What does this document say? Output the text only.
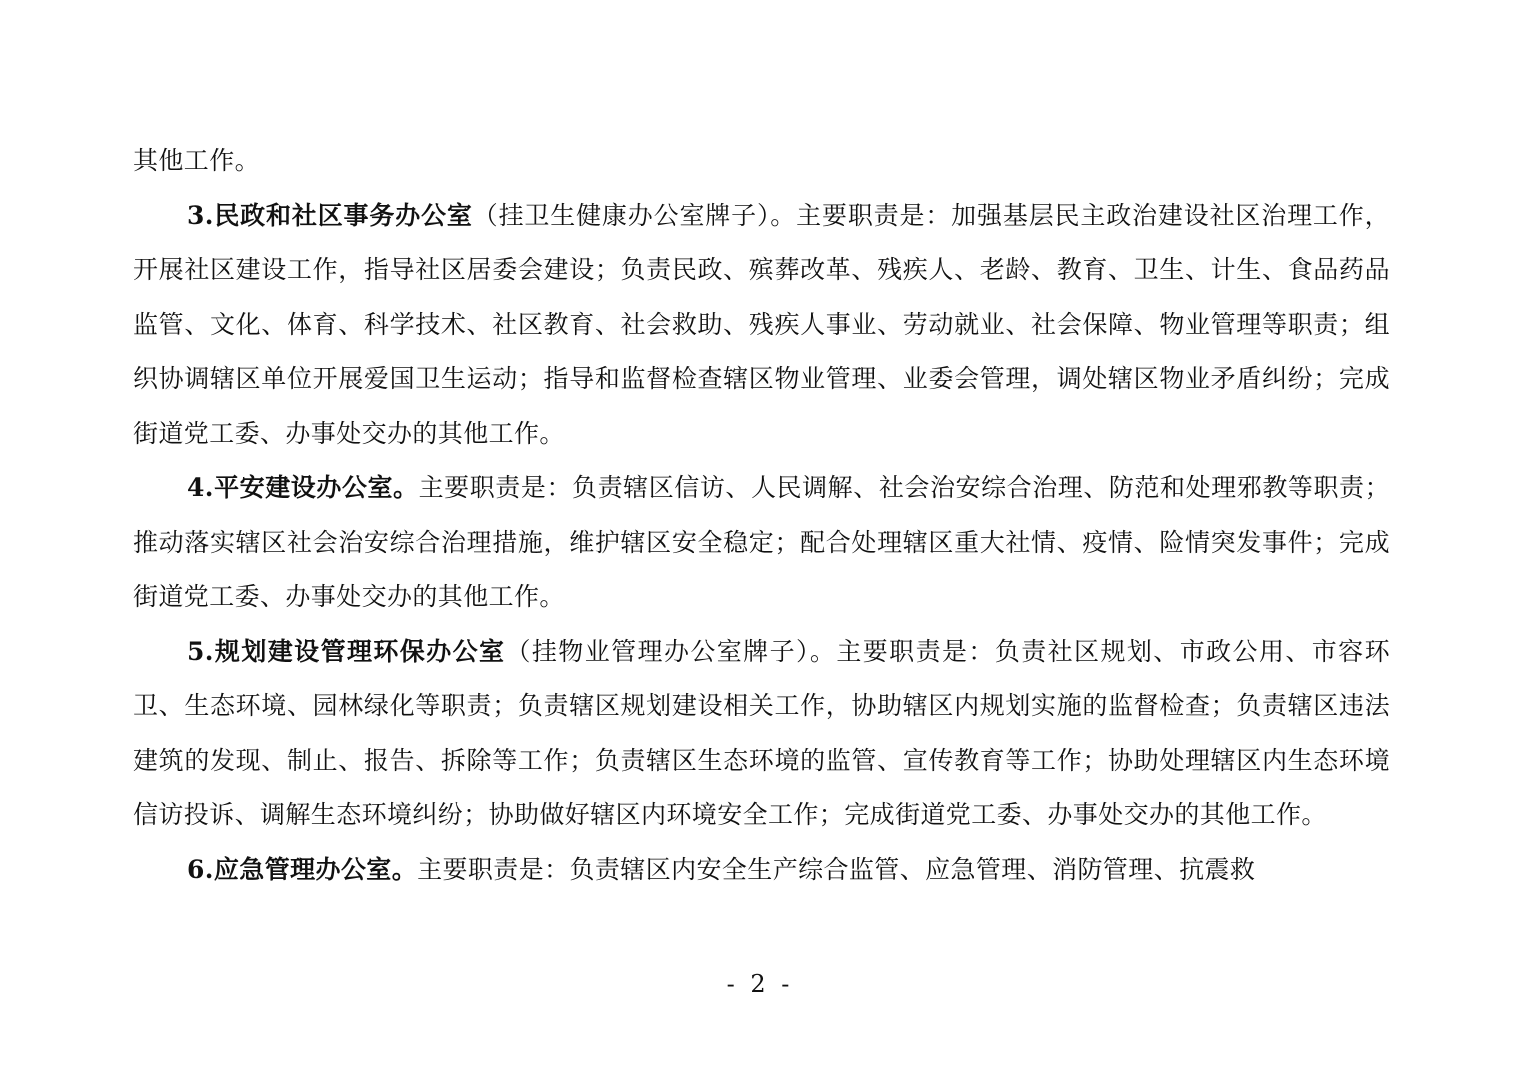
其他工作。

3.民政和社区事务办公室（挂卫生健康办公室牌子）。主要职责是：加强基层民主政治建设社区治理工作，开展社区建设工作，指导社区居委会建设；负责民政、殡葬改革、残疾人、老龄、教育、卫生、计生、食品药品监管、文化、体育、科学技术、社区教育、社会救助、残疾人事业、劳动就业、社会保障、物业管理等职责；组织协调辖区单位开展爱国卫生运动；指导和监督检查辖区物业管理、业委会管理，调处辖区物业矛盾纠纷；完成街道党工委、办事处交办的其他工作。

4.平安建设办公室。主要职责是：负责辖区信访、人民调解、社会治安综合治理、防范和处理邪教等职责；推动落实辖区社会治安综合治理措施，维护辖区安全稳定；配合处理辖区重大社情、疫情、险情突发事件；完成街道党工委、办事处交办的其他工作。

5.规划建设管理环保办公室（挂物业管理办公室牌子）。主要职责是：负责社区规划、市政公用、市容环卫、生态环境、园林绿化等职责；负责辖区规划建设相关工作，协助辖区内规划实施的监督检查；负责辖区违法建筑的发现、制止、报告、拆除等工作；负责辖区生态环境的监管、宣传教育等工作；协助处理辖区内生态环境信访投诉、调解生态环境纠纷；协助做好辖区内环境安全工作；完成街道党工委、办事处交办的其他工作。

6.应急管理办公室。主要职责是：负责辖区内安全生产综合监管、应急管理、消防管理、抗震救

- 2 -
